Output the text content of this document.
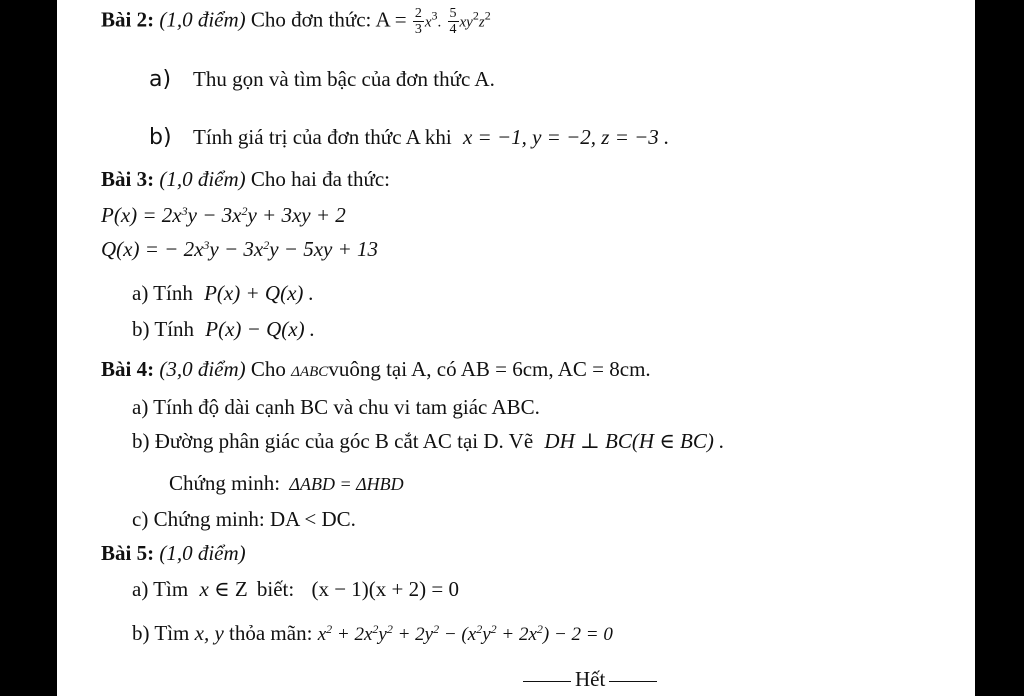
Bài 2: (1,0 điểm) Cho đơn thức: $A = \frac{2}{3} x^3$. $\frac{5}{4} xy^2z^2$
a) Thu gọn và tìm bậc của đơn thức A.
b) Tính giá trị của đơn thức A khi x = −1, y = −2, z = −3 .
Bài 3: (1,0 điểm) Cho hai đa thức:
$P(x) = 2x^3y - 3x^2y + 3xy + 2$
Q(x) = − $2x^3y - 3x^2y - 5xy + 13$
a) Tính P(x) + Q(x) .
b) Tính P(x) − Q(x) .
Bài 4: (3,0 điểm) Cho ΔABCvuông tại A, có AB = 6cm, AC = 8cm.
a) Tính độ dài cạnh BC và chu vi tam giác ABC.
b) Đường phân giác của góc B cắt AC tại D. Vẽ DH ⊥ BC(H ∈ BC) .
Chứng minh: ΔABD = ΔHBD
c) Chứng minh: DA < DC.
Bài 5: (1,0 điểm)
a) Tìm x ∈ Z biết: (x − 1)(x + 2) = 0
b) Tìm x, y thỏa mãn: $x^2 + 2x^2y^2 + 2y^2 - (x^2y^2 + 2x^2) - 2 = 0$
Hết
